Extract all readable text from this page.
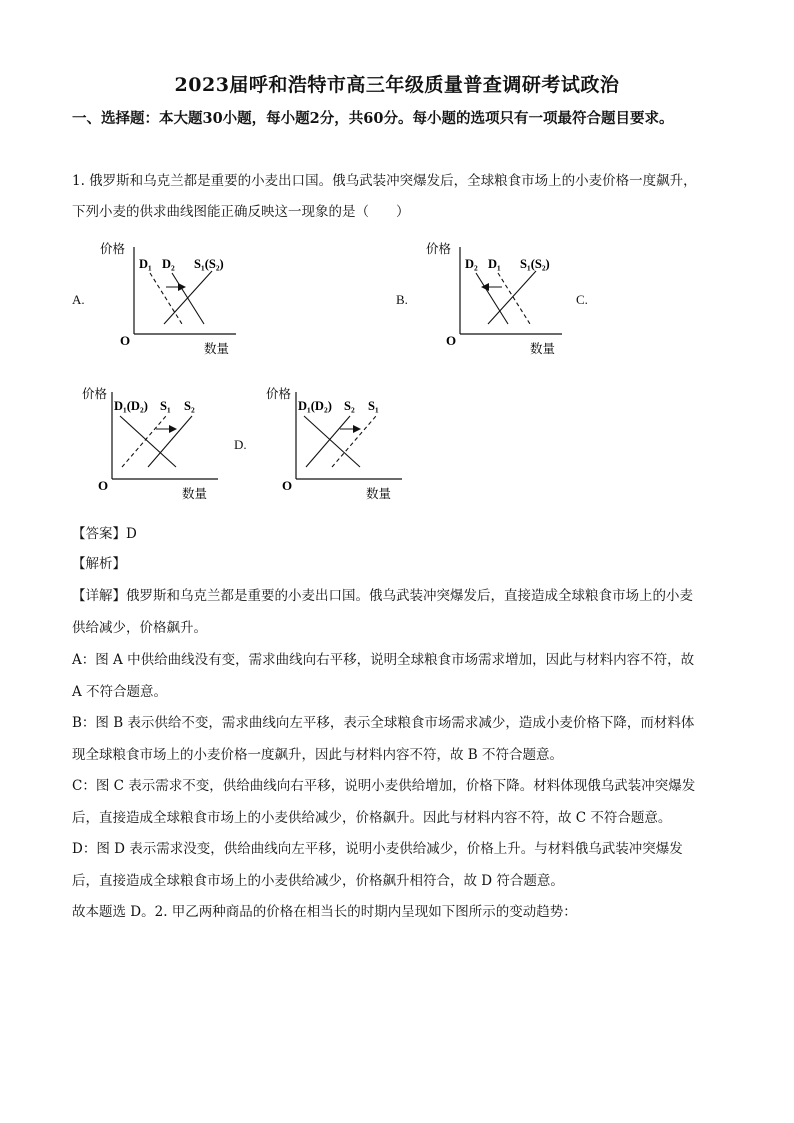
2023届呼和浩特市高三年级质量普查调研考试政治
一、选择题：本大题30小题，每小题2分，共60分。每小题的选项只有一项最符合题目要求。
1. 俄罗斯和乌克兰都是重要的小麦出口国。俄乌武装冲突爆发后，全球粮食市场上的小麦价格一度飙升，
下列小麦的供求曲线图能正确反映这一现象的是（　　）
A.	B.	C.
D.
价格
O
数量
D₁ D₂ S₁(S₂)
价格
O
数量
D₂ D₁ S₁(S₂)
价格
O
数量
D₁(D₂) S₁ S₂
价格
O
数量
D₁(D₂) S₂ S₁
【答案】D
【解析】
【详解】俄罗斯和乌克兰都是重要的小麦出口国。俄乌武装冲突爆发后，直接造成全球粮食市场上的小麦
供给减少，价格飙升。
A：图 A 中供给曲线没有变，需求曲线向右平移，说明全球粮食市场需求增加，因此与材料内容不符，故
A 不符合题意。
B：图 B 表示供给不变，需求曲线向左平移，表示全球粮食市场需求减少，造成小麦价格下降，而材料体
现全球粮食市场上的小麦价格一度飙升，因此与材料内容不符，故 B 不符合题意。
C：图 C 表示需求不变，供给曲线向右平移，说明小麦供给增加，价格下降。材料体现俄乌武装冲突爆发
后，直接造成全球粮食市场上的小麦供给减少，价格飙升。因此与材料内容不符，故 C 不符合题意。
D：图 D 表示需求没变，供给曲线向左平移，说明小麦供给减少，价格上升。与材料俄乌武装冲突爆发
后，直接造成全球粮食市场上的小麦供给减少，价格飙升相符合，故 D 符合题意。
故本题选 D。2. 甲乙两种商品的价格在相当长的时期内呈现如下图所示的变动趋势：
